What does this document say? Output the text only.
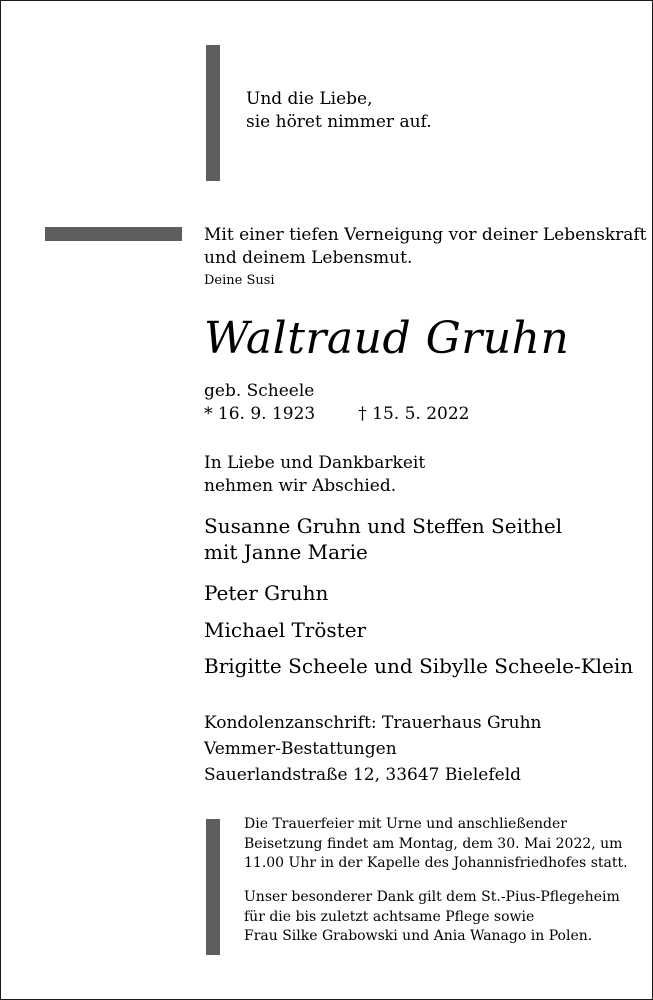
Und die Liebe,
sie höret nimmer auf.
Mit einer tiefen Verneigung vor deiner Lebenskraft
und deinem Lebensmut.
Deine Susi
Waltraud Gruhn
geb. Scheele
* 16. 9. 1923	† 15. 5. 2022
In Liebe und Dankbarkeit
nehmen wir Abschied.
Susanne Gruhn und Steffen Seithel
mit Janne Marie
Peter Gruhn
Michael Tröster
Brigitte Scheele und Sibylle Scheele-Klein
Kondolenzanschrift: Trauerhaus Gruhn
Vemmer-Bestattungen
Sauerlandstraße 12, 33647 Bielefeld
Die Trauerfeier mit Urne und anschließender
Beisetzung findet am Montag, dem 30. Mai 2022, um
11.00 Uhr in der Kapelle des Johannisfriedhofes statt.
Unser besonderer Dank gilt dem St.-Pius-Pflegeheim
für die bis zuletzt achtsame Pflege sowie
Frau Silke Grabowski und Ania Wanago in Polen.
